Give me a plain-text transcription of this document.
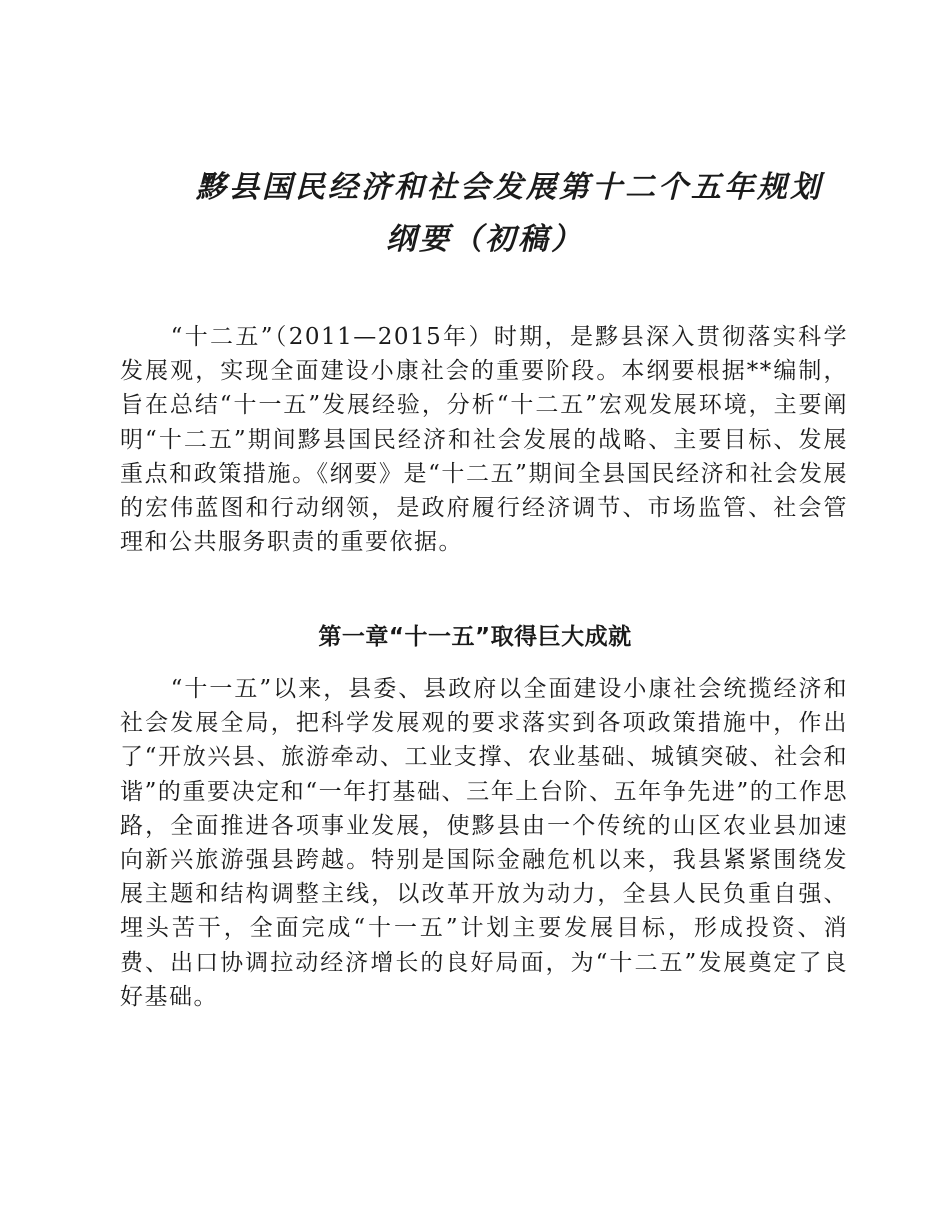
黟县国民经济和社会发展第十二个五年规划
纲要（初稿）

“十二五”（2011—2015年）时期，是黟县深入贯彻落实科学发展观，实现全面建设小康社会的重要阶段。本纲要根据**编制，旨在总结“十一五”发展经验，分析“十二五”宏观发展环境，主要阐明“十二五”期间黟县国民经济和社会发展的战略、主要目标、发展重点和政策措施。《纲要》是“十二五”期间全县国民经济和社会发展的宏伟蓝图和行动纲领，是政府履行经济调节、市场监管、社会管理和公共服务职责的重要依据。

第一章“十一五”取得巨大成就

“十一五”以来，县委、县政府以全面建设小康社会统揽经济和社会发展全局，把科学发展观的要求落实到各项政策措施中，作出了“开放兴县、旅游牵动、工业支撑、农业基础、城镇突破、社会和谐”的重要决定和“一年打基础、三年上台阶、五年争先进”的工作思路，全面推进各项事业发展，使黟县由一个传统的山区农业县加速向新兴旅游强县跨越。特别是国际金融危机以来，我县紧紧围绕发展主题和结构调整主线，以改革开放为动力，全县人民负重自强、埋头苦干，全面完成“十一五”计划主要发展目标，形成投资、消费、出口协调拉动经济增长的良好局面，为“十二五”发展奠定了良好基础。
